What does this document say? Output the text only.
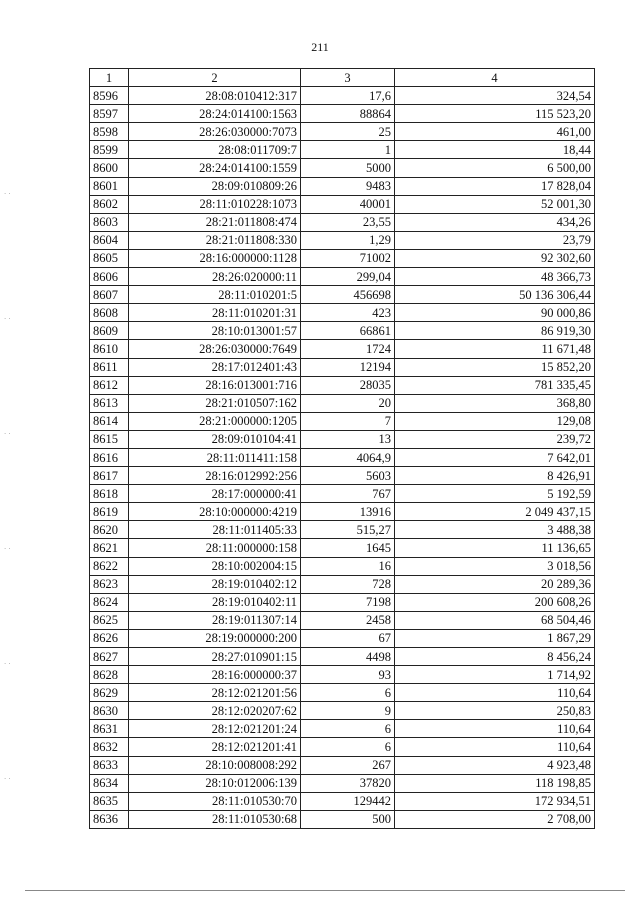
211
· ·
· ·
· ·
· ·
· ·
· ·
1	2	3	4
8596	28:08:010412:317	17,6	324,54
8597	28:24:014100:1563	88864	115 523,20
8598	28:26:030000:7073	25	461,00
8599	28:08:011709:7	1	18,44
8600	28:24:014100:1559	5000	6 500,00
8601	28:09:010809:26	9483	17 828,04
8602	28:11:010228:1073	40001	52 001,30
8603	28:21:011808:474	23,55	434,26
8604	28:21:011808:330	1,29	23,79
8605	28:16:000000:1128	71002	92 302,60
8606	28:26:020000:11	299,04	48 366,73
8607	28:11:010201:5	456698	50 136 306,44
8608	28:11:010201:31	423	90 000,86
8609	28:10:013001:57	66861	86 919,30
8610	28:26:030000:7649	1724	11 671,48
8611	28:17:012401:43	12194	15 852,20
8612	28:16:013001:716	28035	781 335,45
8613	28:21:010507:162	20	368,80
8614	28:21:000000:1205	7	129,08
8615	28:09:010104:41	13	239,72
8616	28:11:011411:158	4064,9	7 642,01
8617	28:16:012992:256	5603	8 426,91
8618	28:17:000000:41	767	5 192,59
8619	28:10:000000:4219	13916	2 049 437,15
8620	28:11:011405:33	515,27	3 488,38
8621	28:11:000000:158	1645	11 136,65
8622	28:10:002004:15	16	3 018,56
8623	28:19:010402:12	728	20 289,36
8624	28:19:010402:11	7198	200 608,26
8625	28:19:011307:14	2458	68 504,46
8626	28:19:000000:200	67	1 867,29
8627	28:27:010901:15	4498	8 456,24
8628	28:16:000000:37	93	1 714,92
8629	28:12:021201:56	6	110,64
8630	28:12:020207:62	9	250,83
8631	28:12:021201:24	6	110,64
8632	28:12:021201:41	6	110,64
8633	28:10:008008:292	267	4 923,48
8634	28:10:012006:139	37820	118 198,85
8635	28:11:010530:70	129442	172 934,51
8636	28:11:010530:68	500	2 708,00
